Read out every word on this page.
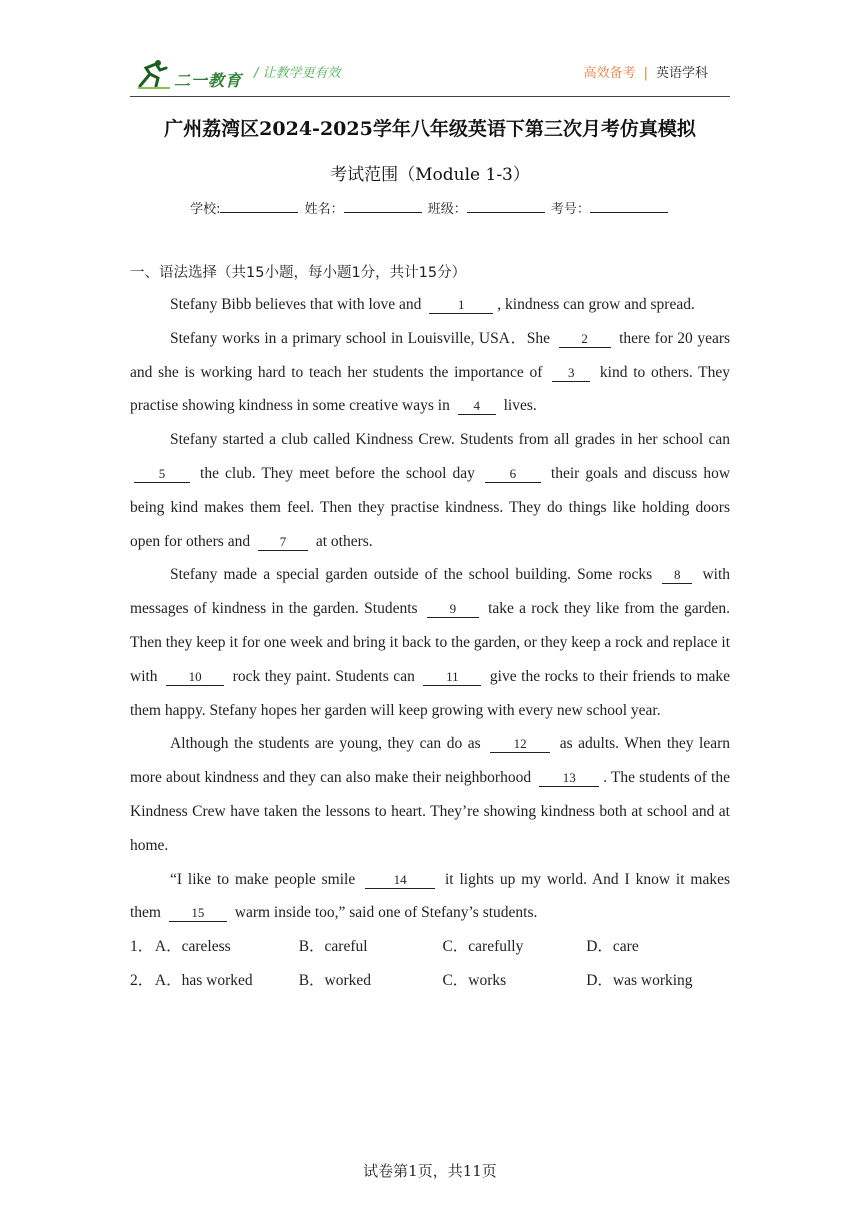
二一教育 / 让教学更有效	高效备考 | 英语学科
广州荔湾区2024-2025学年八年级英语下第三次月考仿真模拟
考试范围（Module 1-3）
学校:	姓名：	班级：	考号：

一、语法选择（共15小题，每小题1分，共计15分）

Stefany Bibb believes that with love and	1 , kindness can grow and spread.

Stefany works in a primary school in Louisville, USA．She 2 there for 20 years and she is working hard to teach her students the importance of 3 kind to others. They practise showing kindness in some creative ways in 4 lives.

Stefany started a club called Kindness Crew. Students from all grades in her school can 5 the club. They meet before the school day	6 their goals and discuss how being kind makes them feel. Then they practise kindness. They do things like holding doors open for others and 7 at others.

Stefany made a special garden outside of the school building. Some rocks 8 with messages of kindness in the garden. Students 9 take a rock they like from the garden. Then they keep it for one week and bring it back to the garden, or they keep a rock and replace it with 10 rock they paint. Students can 11 give the rocks to their friends to make them happy. Stefany hopes her garden will keep growing with every new school year.

Although the students are young, they can do as	12 as adults. When they learn more about kindness and they can also make their neighborhood 13 . The students of the Kindness Crew have taken the lessons to heart. They’re showing kindness both at school and at home.

“I like to make people smile	14 it lights up my world. And I know it makes them 15 warm inside too,” said one of Stefany’s students.

1． A．careless	B．careful	C．carefully	D．care
2． A．has worked	B．worked	C．works	D．was working
试卷第1页，共11页
